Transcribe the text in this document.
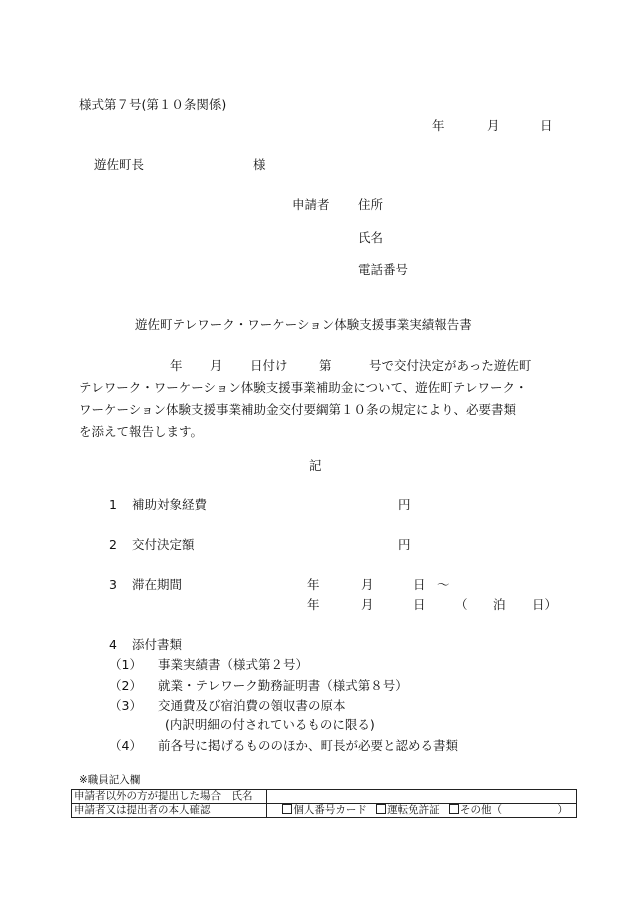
様式第７号(第１０条関係)
年	月	日
遊佐町長	様
申請者 住所
氏名
電話番号
遊佐町テレワーク・ワーケーション体験支援事業実績報告書
年 月 日付け	第	号で交付決定があった遊佐町
テレワーク・ワーケーション体験支援事業補助金について、遊佐町テレワーク・
ワーケーション体験支援事業補助金交付要綱第１０条の規定により、必要書類
を添えて報告します。
記
1 補助対象経費	円
2 交付決定額	円
3 滞在期間	年	月	日 ～
年	月	日 （ 泊 日）
4 添付書類
（1） 事業実績書（様式第２号）
（2） 就業・テレワーク勤務証明書（様式第８号）
（3） 交通費及び宿泊費の領収書の原本
(内訳明細の付されているものに限る)
（4） 前各号に掲げるもののほか、町長が必要と認める書類
※職員記入欄
申請者以外の方が提出した場合　氏名	
申請者又は提出者の本人確認	個人番号カード 運転免許証 その他（ ）
